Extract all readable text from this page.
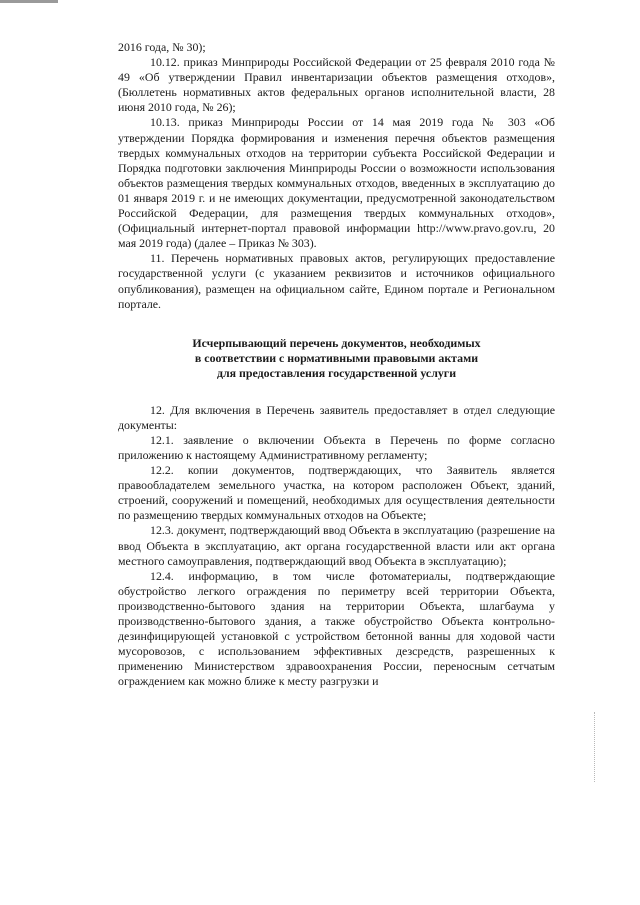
2016 года, № 30);

10.12. приказ Минприроды Российской Федерации от 25 февраля 2010 года № 49 «Об утверждении Правил инвентаризации объектов размещения отходов», (Бюллетень нормативных актов федеральных органов исполнительной власти, 28 июня 2010 года, № 26);

10.13. приказ Минприроды России от 14 мая 2019 года № 303 «Об утверждении Порядка формирования и изменения перечня объектов размещения твердых коммунальных отходов на территории субъекта Российской Федерации и Порядка подготовки заключения Минприроды России о возможности использования объектов размещения твердых коммунальных отходов, введенных в эксплуатацию до 01 января 2019 г. и не имеющих документации, предусмотренной законодательством Российской Федерации, для размещения твердых коммунальных отходов», (Официальный интернет-портал правовой информации http://www.pravo.gov.ru, 20 мая 2019 года) (далее – Приказ № 303).

11. Перечень нормативных правовых актов, регулирующих предоставление государственной услуги (с указанием реквизитов и источников официального опубликования), размещен на официальном сайте, Едином портале и Региональном портале.

Исчерпывающий перечень документов, необходимых
в соответствии с нормативными правовыми актами
для предоставления государственной услуги

12. Для включения в Перечень заявитель предоставляет в отдел следующие документы:

12.1. заявление о включении Объекта в Перечень по форме согласно приложению к настоящему Административному регламенту;

12.2. копии документов, подтверждающих, что Заявитель является правообладателем земельного участка, на котором расположен Объект, зданий, строений, сооружений и помещений, необходимых для осуществления деятельности по размещению твердых коммунальных отходов на Объекте;

12.3. документ, подтверждающий ввод Объекта в эксплуатацию (разрешение на ввод Объекта в эксплуатацию, акт органа государственной власти или акт органа местного самоуправления, подтверждающий ввод Объекта в эксплуатацию);

12.4. информацию, в том числе фотоматериалы, подтверждающие обустройство легкого ограждения по периметру всей территории Объекта, производственно-бытового здания на территории Объекта, шлагбаума у производственно-бытового здания, а также обустройство Объекта контрольно-дезинфицирующей установкой с устройством бетонной ванны для ходовой части мусоровозов, с использованием эффективных дезсредств, разрешенных к применению Министерством здравоохранения России, переносным сетчатым ограждением как можно ближе к месту разгрузки и
